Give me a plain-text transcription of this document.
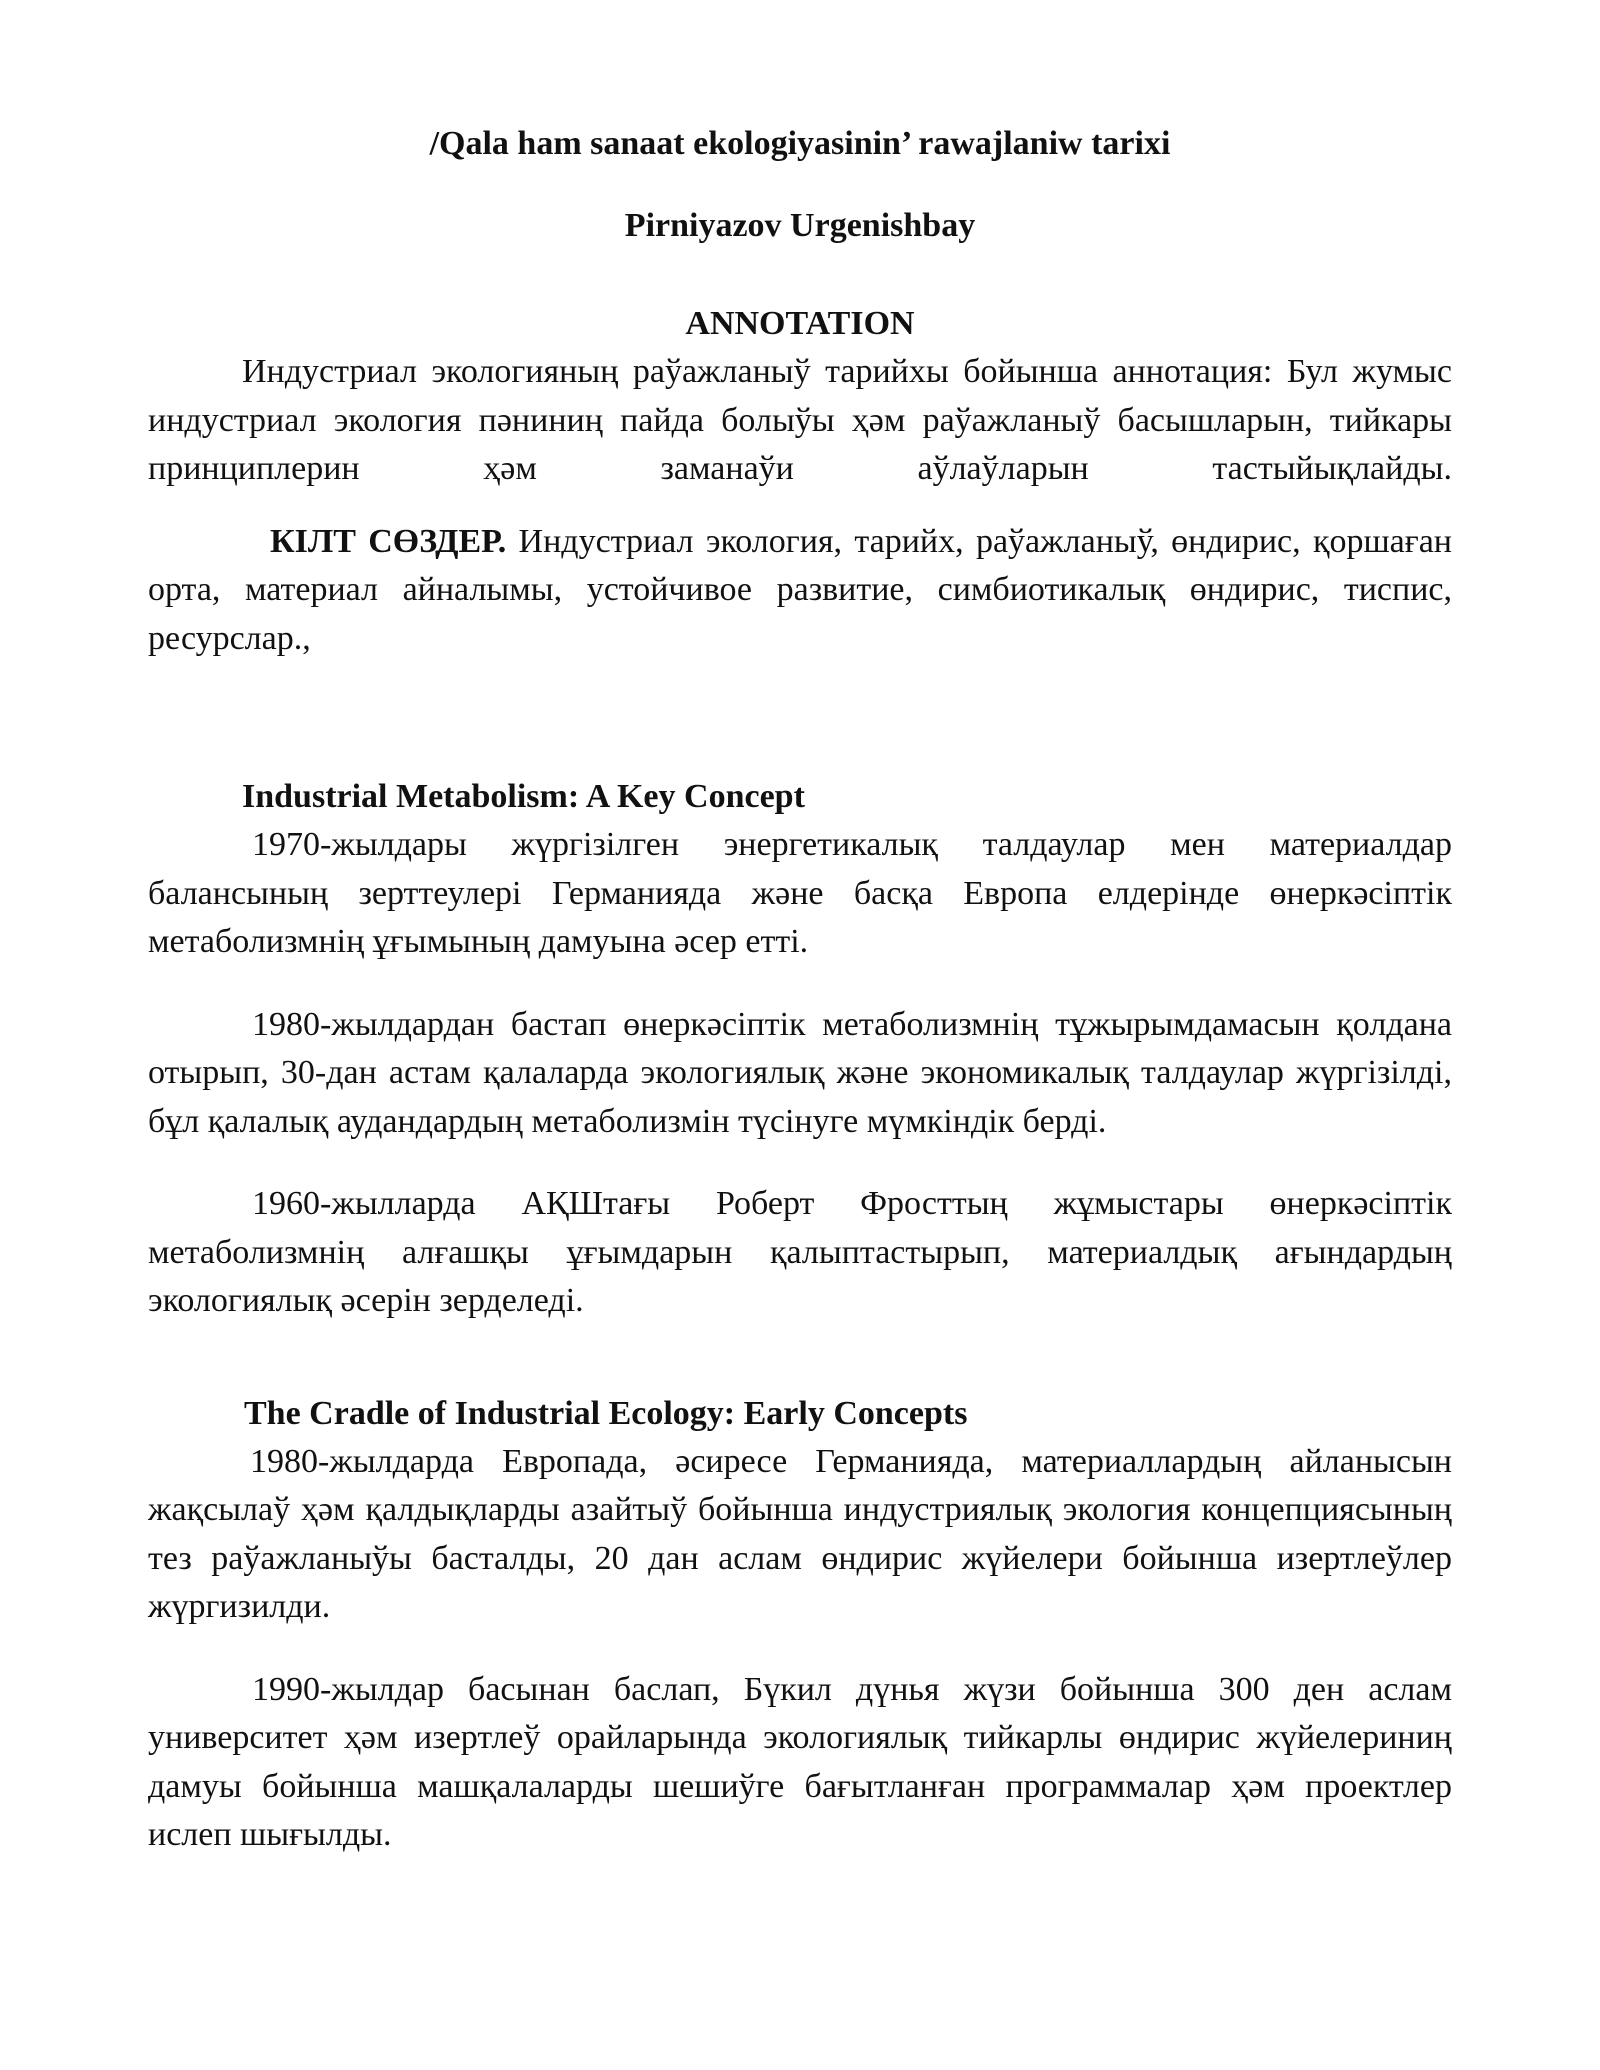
/Qala ham sanaat ekologiyasinin’ rawajlaniw tarixi

Pirniyazov Urgenishbay

ANNOTATION

Индустриал экологияның раўажланыў тарийхы бойынша аннотация: Бул жумыс индустриал экология пәниниң пайда болыўы ҳәм раўажланыў басышларын, тийкары принциплерин ҳәм заманаўи аўлаўларын тастыйықлайды.

КІЛТ СӨЗДЕР. Индустриал экология, тарийх, раўажланыў, өндирис, қоршаған орта, материал айналымы, устойчивое развитие, симбиотикалық өндирис, тиспис, ресурслар.,

Industrial Metabolism: A Key Concept

1970-жылдары жүргізілген энергетикалық талдаулар мен материалдар балансының зерттеулері Германияда және басқа Европа елдерінде өнеркәсіптік метаболизмнің ұғымының дамуына әсер етті.

1980-жылдардан бастап өнеркәсіптік метаболизмнің тұжырымдамасын қолдана отырып, 30-дан астам қалаларда экологиялық және экономикалық талдаулар жүргізілді, бұл қалалық аудандардың метаболизмін түсінуге мүмкіндік берді.

1960-жылларда АҚШтағы Роберт Фросттың жұмыстары өнеркәсіптік метаболизмнің алғашқы ұғымдарын қалыптастырып, материалдық ағындардың экологиялық әсерін зерделеді.

The Cradle of Industrial Ecology: Early Concepts

1980-жылдарда Европада, әсиресе Германияда, материаллардың айланысын жақсылаў ҳәм қалдықларды азайтыў бойынша индустриялық экология концепциясының тез раўажланыўы басталды, 20 дан аслам өндирис жүйелери бойынша изертлеўлер жүргизилди.

1990-жылдар басынан баслап, Бүкил дүнья жүзи бойынша 300 ден аслам университет ҳәм изертлеў орайларында экологиялық тийкарлы өндирис жүйелериниң дамуы бойынша машқалаларды шешиўге бағытланған программалар ҳәм проектлер ислеп шығылды.
